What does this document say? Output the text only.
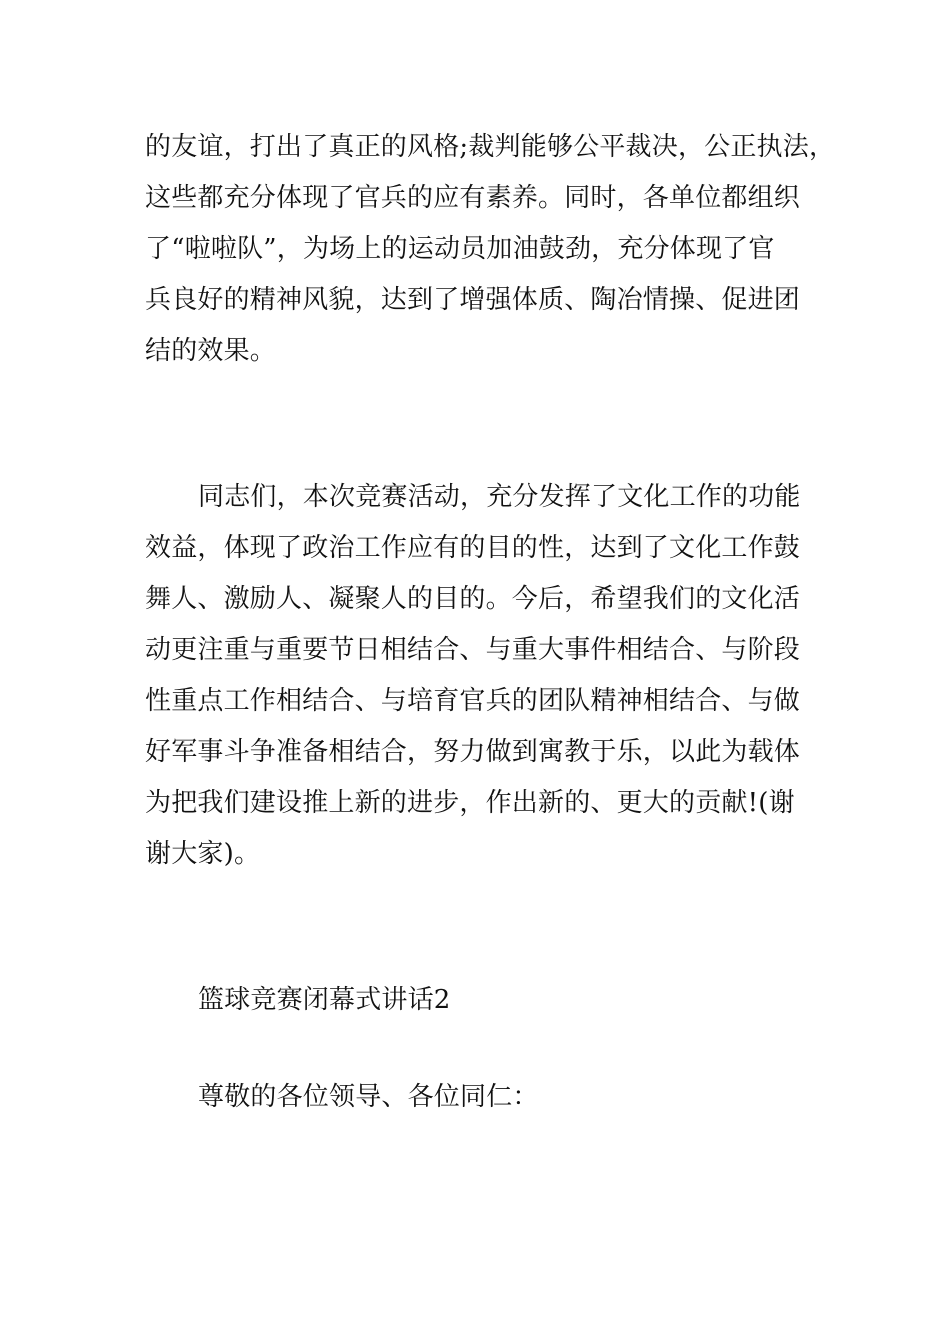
的友谊，打出了真正的风格;裁判能够公平裁决，公正执法，
这些都充分体现了官兵的应有素养。同时，各单位都组织
了“啦啦队”，为场上的运动员加油鼓劲，充分体现了官
兵良好的精神风貌，达到了增强体质、陶冶情操、促进团
结的效果。
同志们，本次竞赛活动，充分发挥了文化工作的功能
效益，体现了政治工作应有的目的性，达到了文化工作鼓
舞人、激励人、凝聚人的目的。今后，希望我们的文化活
动更注重与重要节日相结合、与重大事件相结合、与阶段
性重点工作相结合、与培育官兵的团队精神相结合、与做
好军事斗争准备相结合，努力做到寓教于乐，以此为载体
为把我们建设推上新的进步，作出新的、更大的贡献!(谢
谢大家)。
篮球竞赛闭幕式讲话2
尊敬的各位领导、各位同仁：
